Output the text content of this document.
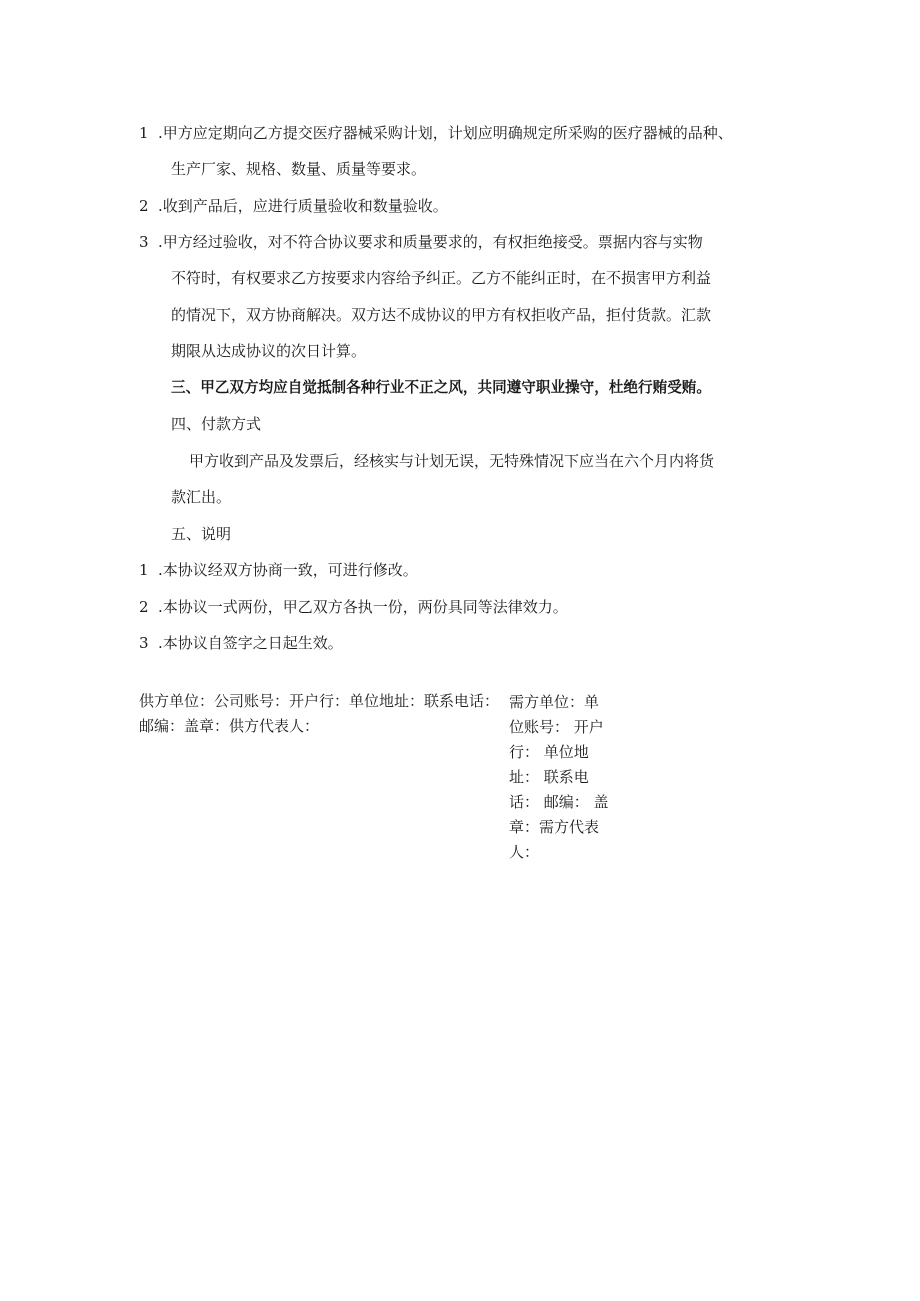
1 .甲方应定期向乙方提交医疗器械采购计划，计划应明确规定所采购的医疗器械的品种、
生产厂家、规格、数量、质量等要求。
2 .收到产品后，应进行质量验收和数量验收。
3 .甲方经过验收，对不符合协议要求和质量要求的，有权拒绝接受。票据内容与实物
不符时，有权要求乙方按要求内容给予纠正。乙方不能纠正时，在不损害甲方利益
的情况下，双方协商解决。双方达不成协议的甲方有权拒收产品，拒付货款。汇款
期限从达成协议的次日计算。
三、甲乙双方均应自觉抵制各种行业不正之风，共同遵守职业操守，杜绝行贿受贿。
四、付款方式
甲方收到产品及发票后，经核实与计划无误，无特殊情况下应当在六个月内将货
款汇出。
五、说明
1 .本协议经双方协商一致，可进行修改。
2 .本协议一式两份，甲乙双方各执一份，两份具同等法律效力。
3 .本协议自签字之日起生效。
供方单位：公司账号：开户行：单位地址：联系电话：邮编：盖章：供方代表人：
需方单位：单位账号： 开户行： 单位地址： 联系电话： 邮编： 盖 章：需方代表人：
